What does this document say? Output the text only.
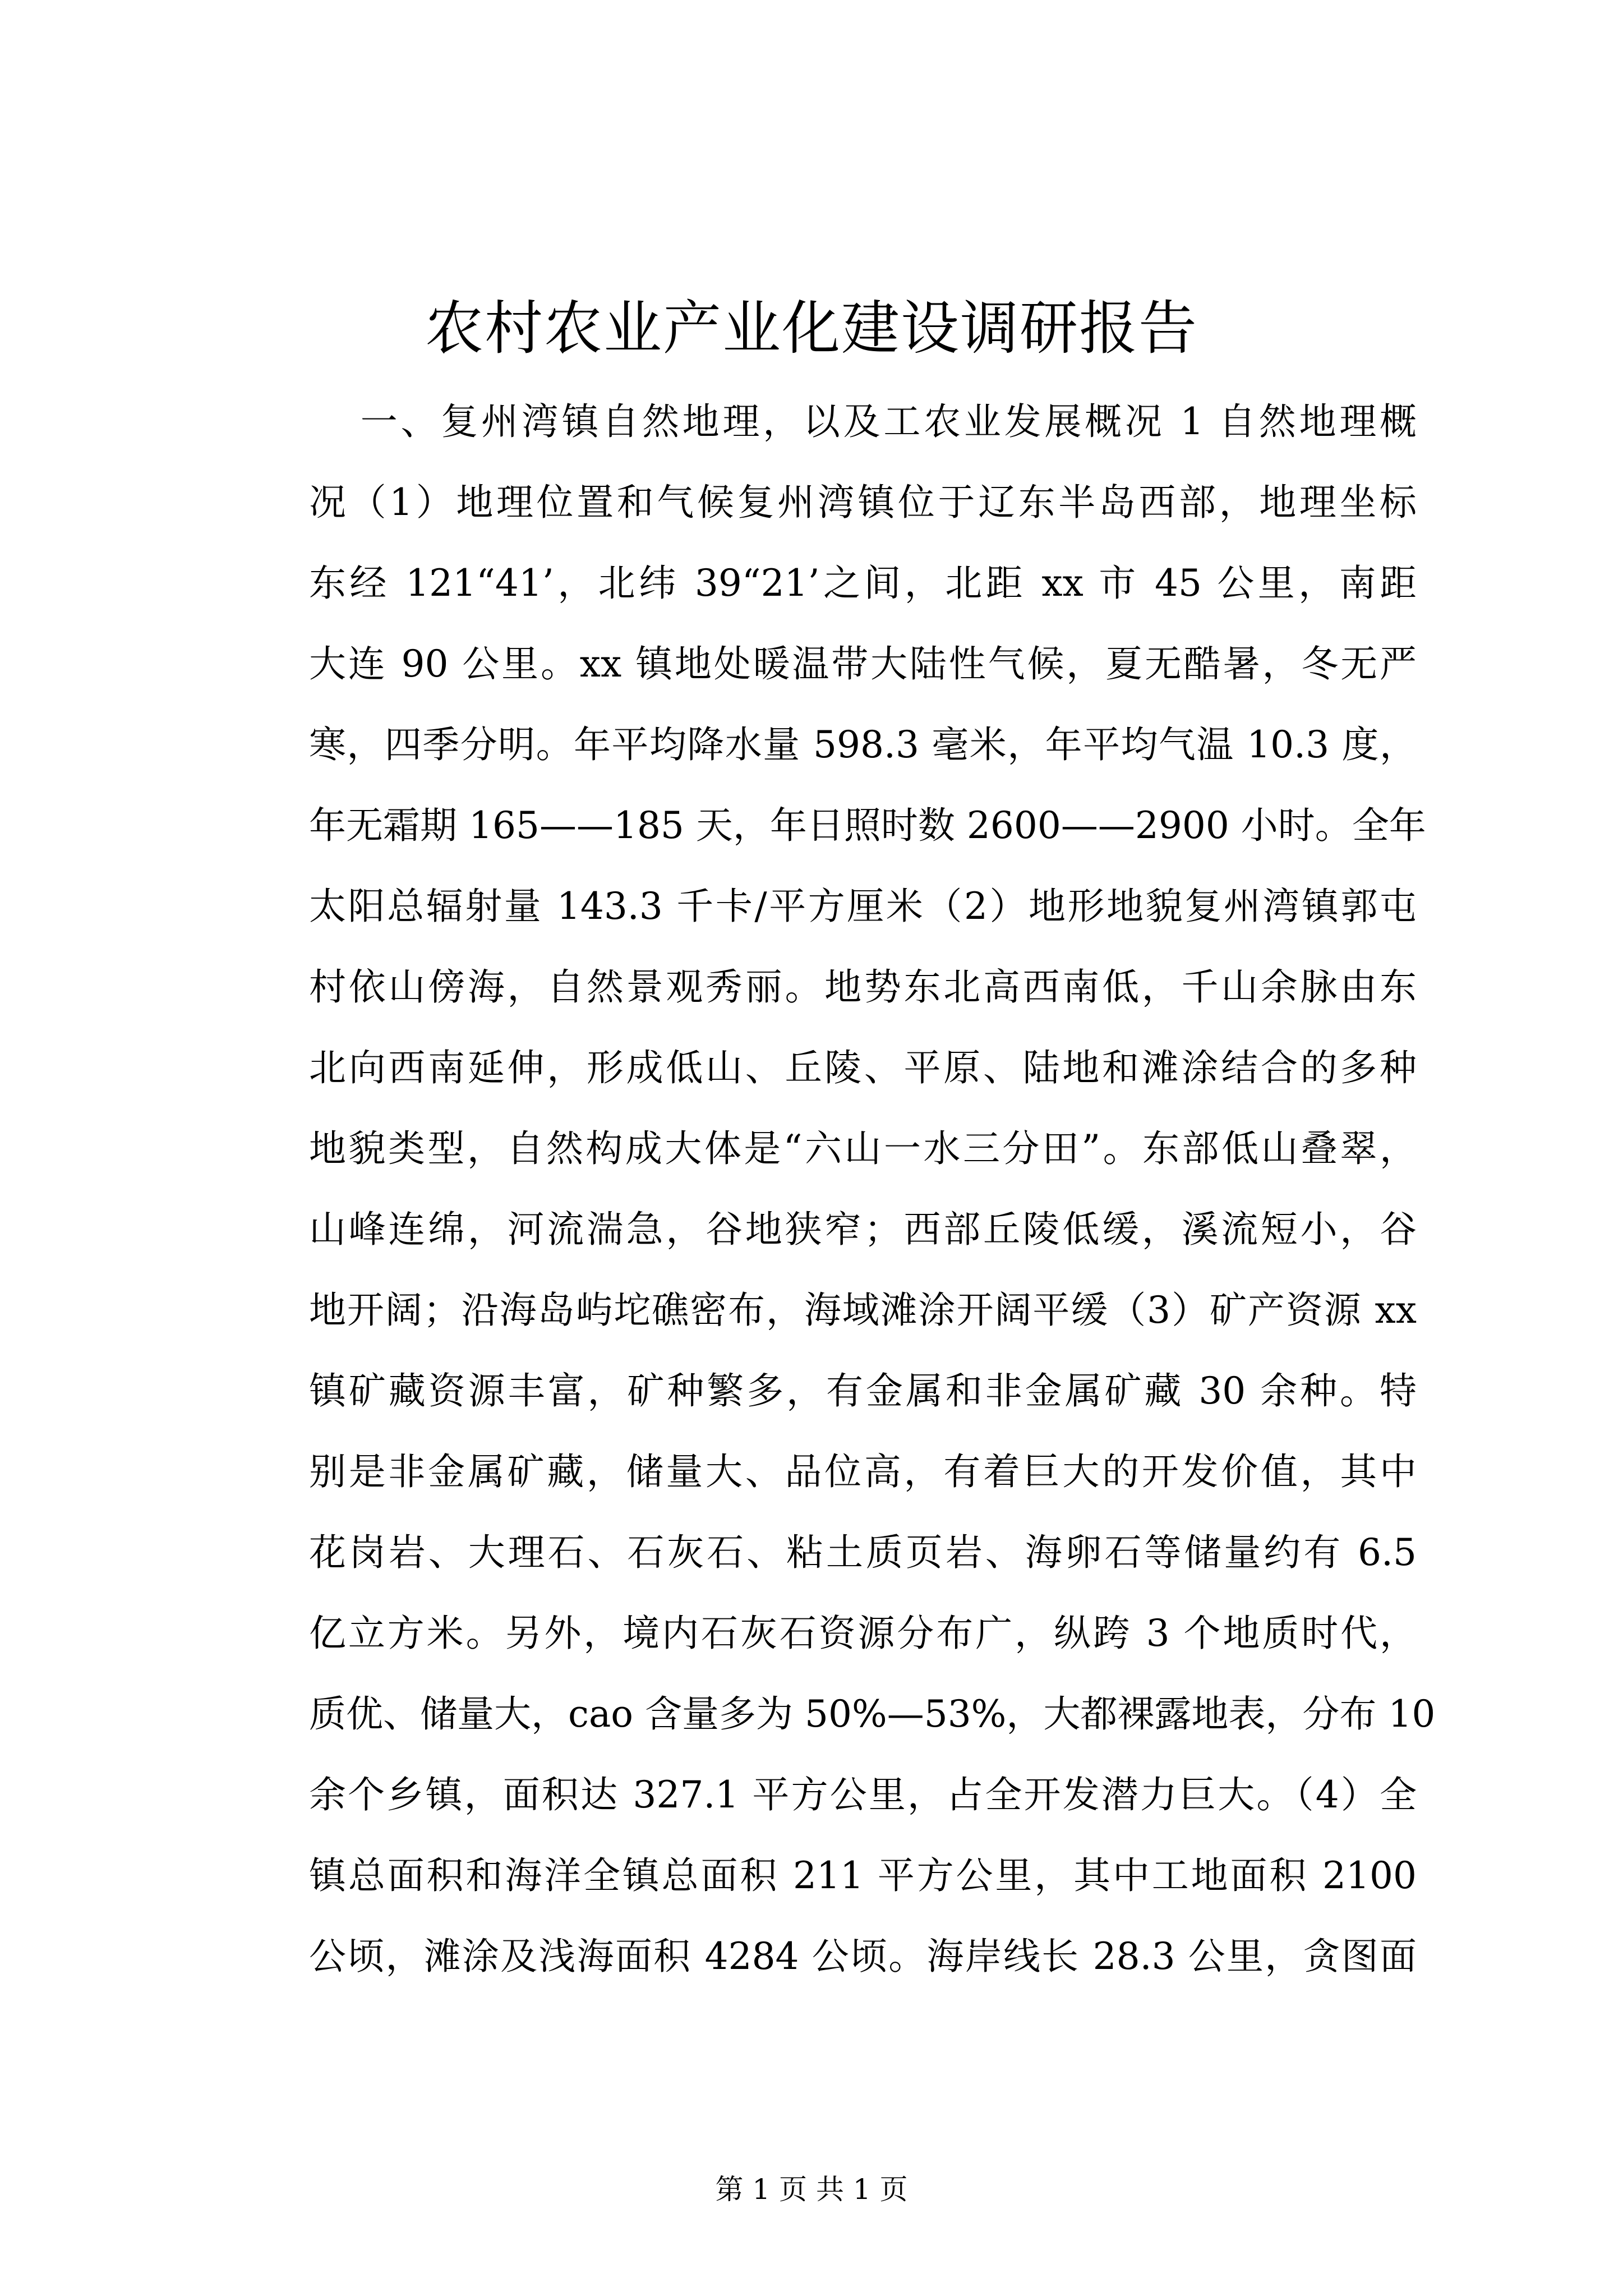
农村农业产业化建设调研报告

　一、复州湾镇自然地理，以及工农业发展概况 1 自然地理概

况（1）地理位置和气候复州湾镇位于辽东半岛西部，地理坐标

东经 121“41’，北纬 39“21’之间，北距 xx 市 45 公里，南距

大连 90 公里。xx 镇地处暖温带大陆性气候，夏无酷暑，冬无严

寒，四季分明。年平均降水量 598.3 毫米，年平均气温 10.3 度，

年无霜期 165——185 天，年日照时数 2600——2900 小时。全年

太阳总辐射量 143.3 千卡/平方厘米（2）地形地貌复州湾镇郭屯

村依山傍海，自然景观秀丽。地势东北高西南低，千山余脉由东

北向西南延伸，形成低山、丘陵、平原、陆地和滩涂结合的多种

地貌类型，自然构成大体是“六山一水三分田”。东部低山叠翠，

山峰连绵，河流湍急，谷地狭窄；西部丘陵低缓，溪流短小，谷

地开阔；沿海岛屿坨礁密布，海域滩涂开阔平缓（3）矿产资源 xx

镇矿藏资源丰富，矿种繁多，有金属和非金属矿藏 30 余种。特

别是非金属矿藏，储量大、品位高，有着巨大的开发价值，其中

花岗岩、大理石、石灰石、粘土质页岩、海卵石等储量约有 6.5

亿立方米。另外，境内石灰石资源分布广，纵跨 3 个地质时代，

质优、储量大，cao 含量多为 50%—53%，大都裸露地表，分布 10

余个乡镇，面积达 327.1 平方公里，占全开发潜力巨大。（4）全

镇总面积和海洋全镇总面积 211 平方公里，其中工地面积 2100

公顷，滩涂及浅海面积 4284 公顷。海岸线长 28.3 公里，贪图面

第 1 页 共 1 页
